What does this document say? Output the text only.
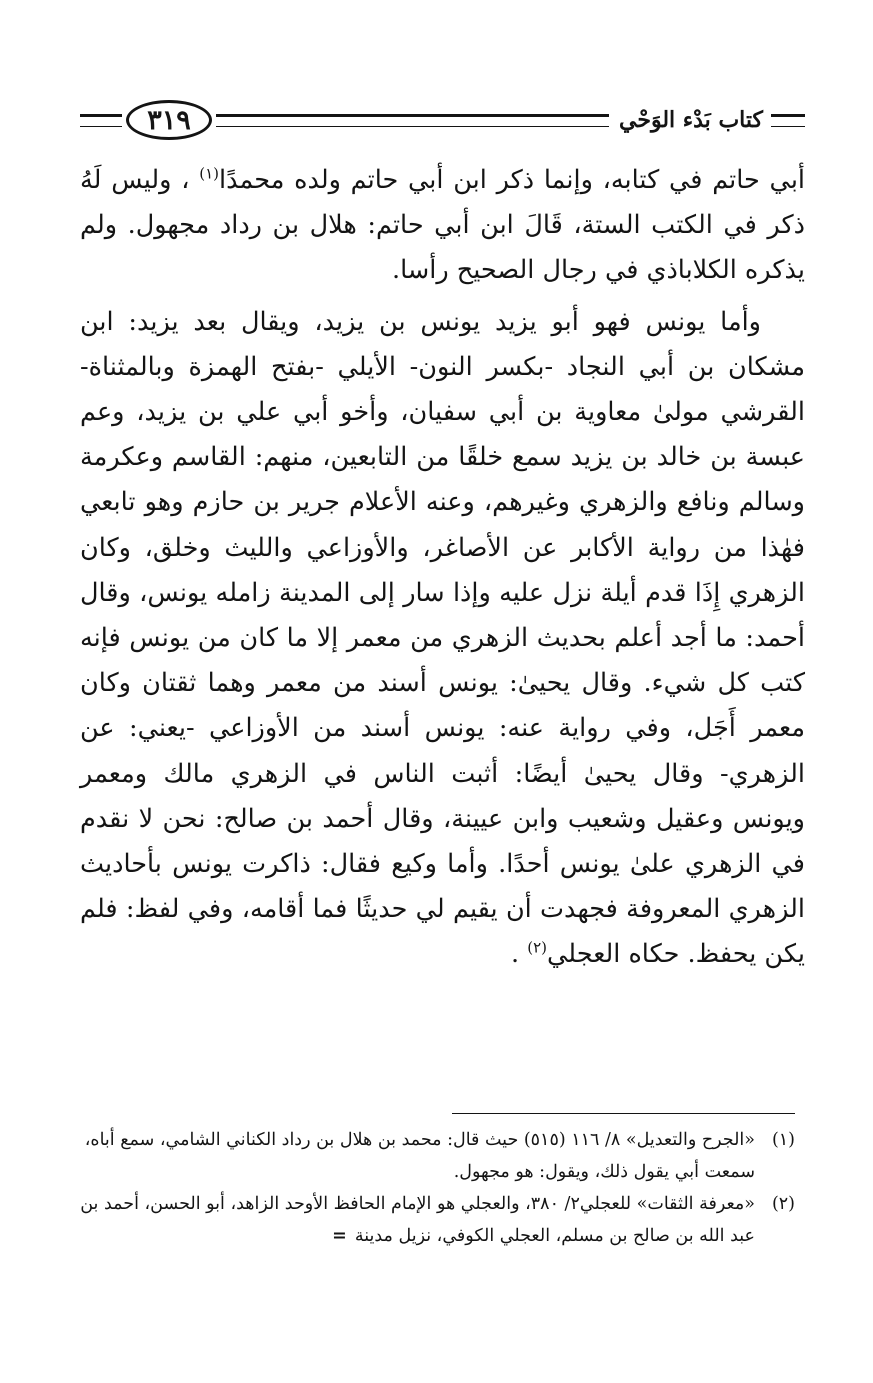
كتاب بَدْء الوَحْي
٣١٩

أبي حاتم في كتابه، وإنما ذكر ابن أبي حاتم ولده محمدًا$^{(١)}$ ، وليس لَهُ ذكر في الكتب الستة، قَالَ ابن أبي حاتم: هلال بن رداد مجهول. ولم يذكره الكلاباذي في رجال الصحيح رأسا.

وأما يونس فهو أبو يزيد يونس بن يزيد، ويقال بعد يزيد: ابن مشكان بن أبي النجاد -بكسر النون- الأيلي -بفتح الهمزة وبالمثناة- القرشي مولىٰ معاوية بن أبي سفيان، وأخو أبي علي بن يزيد، وعم عبسة بن خالد بن يزيد سمع خلقًا من التابعين، منهم: القاسم وعكرمة وسالم ونافع والزهري وغيرهم، وعنه الأعلام جرير بن حازم وهو تابعي فهٰذا من رواية الأكابر عن الأصاغر، والأوزاعي والليث وخلق، وكان الزهري إِذَا قدم أيلة نزل عليه وإذا سار إلى المدينة زامله يونس، وقال أحمد: ما أجد أعلم بحديث الزهري من معمر إلا ما كان من يونس فإنه كتب كل شيء. وقال يحيىٰ: يونس أسند من معمر وهما ثقتان وكان معمر أَجَل، وفي رواية عنه: يونس أسند من الأوزاعي -يعني: عن الزهري- وقال يحيىٰ أيضًا: أثبت الناس في الزهري مالك ومعمر ويونس وعقيل وشعيب وابن عيينة، وقال أحمد بن صالح: نحن لا نقدم في الزهري علىٰ يونس أحدًا. وأما وكيع فقال: ذاكرت يونس بأحاديث الزهري المعروفة فجهدت أن يقيم لي حديثًا فما أقامه، وفي لفظ: فلم يكن يحفظ. حكاه العجلي$^{(٢)}$ .

(١)
«الجرح والتعديل» ٨/ ١١٦ (٥١٥) حيث قال: محمد بن هلال بن رداد الكناني الشامي، سمع أباه، سمعت أبي يقول ذلك، ويقول: هو مجهول.
(٢)
«معرفة الثقات» للعجلي٢/ ٣٨٠، والعجلي هو الإمام الحافظ الأوحد الزاهد، أبو الحسن، أحمد بن عبد الله بن صالح بن مسلم، العجلي الكوفي، نزيل مدينة=
